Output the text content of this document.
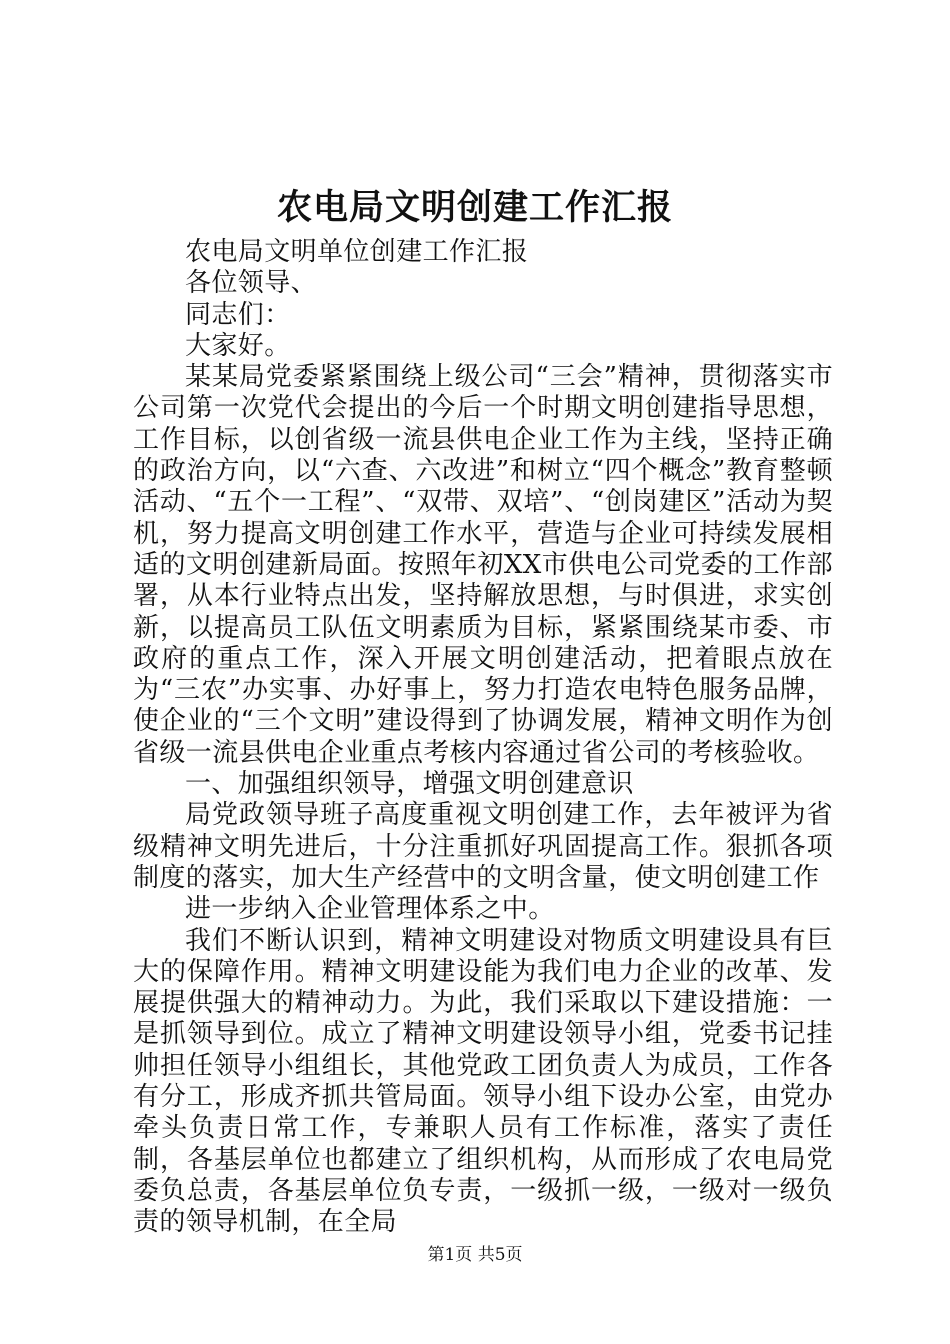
农电局文明创建工作汇报

农电局文明单位创建工作汇报

各位领导、

同志们：

大家好。

某某局党委紧紧围绕上级公司“三会”精神，贯彻落实市公司第一次党代会提出的今后一个时期文明创建指导思想，工作目标，以创省级一流县供电企业工作为主线，坚持正确的政治方向，以“六查、六改进”和树立“四个概念”教育整顿活动、“五个一工程”、“双带、双培”、“创岗建区”活动为契机，努力提高文明创建工作水平，营造与企业可持续发展相适的文明创建新局面。按照年初XX市供电公司党委的工作部署，从本行业特点出发，坚持解放思想，与时俱进，求实创新，以提高员工队伍文明素质为目标，紧紧围绕某市委、市政府的重点工作，深入开展文明创建活动，把着眼点放在为“三农”办实事、办好事上，努力打造农电特色服务品牌，使企业的“三个文明”建设得到了协调发展，精神文明作为创省级一流县供电企业重点考核内容通过省公司的考核验收。

一、加强组织领导，增强文明创建意识

局党政领导班子高度重视文明创建工作，去年被评为省级精神文明先进后，十分注重抓好巩固提高工作。狠抓各项制度的落实，加大生产经营中的文明含量，使文明创建工作

进一步纳入企业管理体系之中。

我们不断认识到，精神文明建设对物质文明建设具有巨大的保障作用。精神文明建设能为我们电力企业的改革、发展提供强大的精神动力。为此，我们采取以下建设措施：一是抓领导到位。成立了精神文明建设领导小组，党委书记挂帅担任领导小组组长，其他党政工团负责人为成员，工作各有分工，形成齐抓共管局面。领导小组下设办公室，由党办牵头负责日常工作，专兼职人员有工作标准，落实了责任制，各基层单位也都建立了组织机构，从而形成了农电局党委负总责，各基层单位负专责，一级抓一级，一级对一级负责的领导机制，在全局

第1页 共5页
